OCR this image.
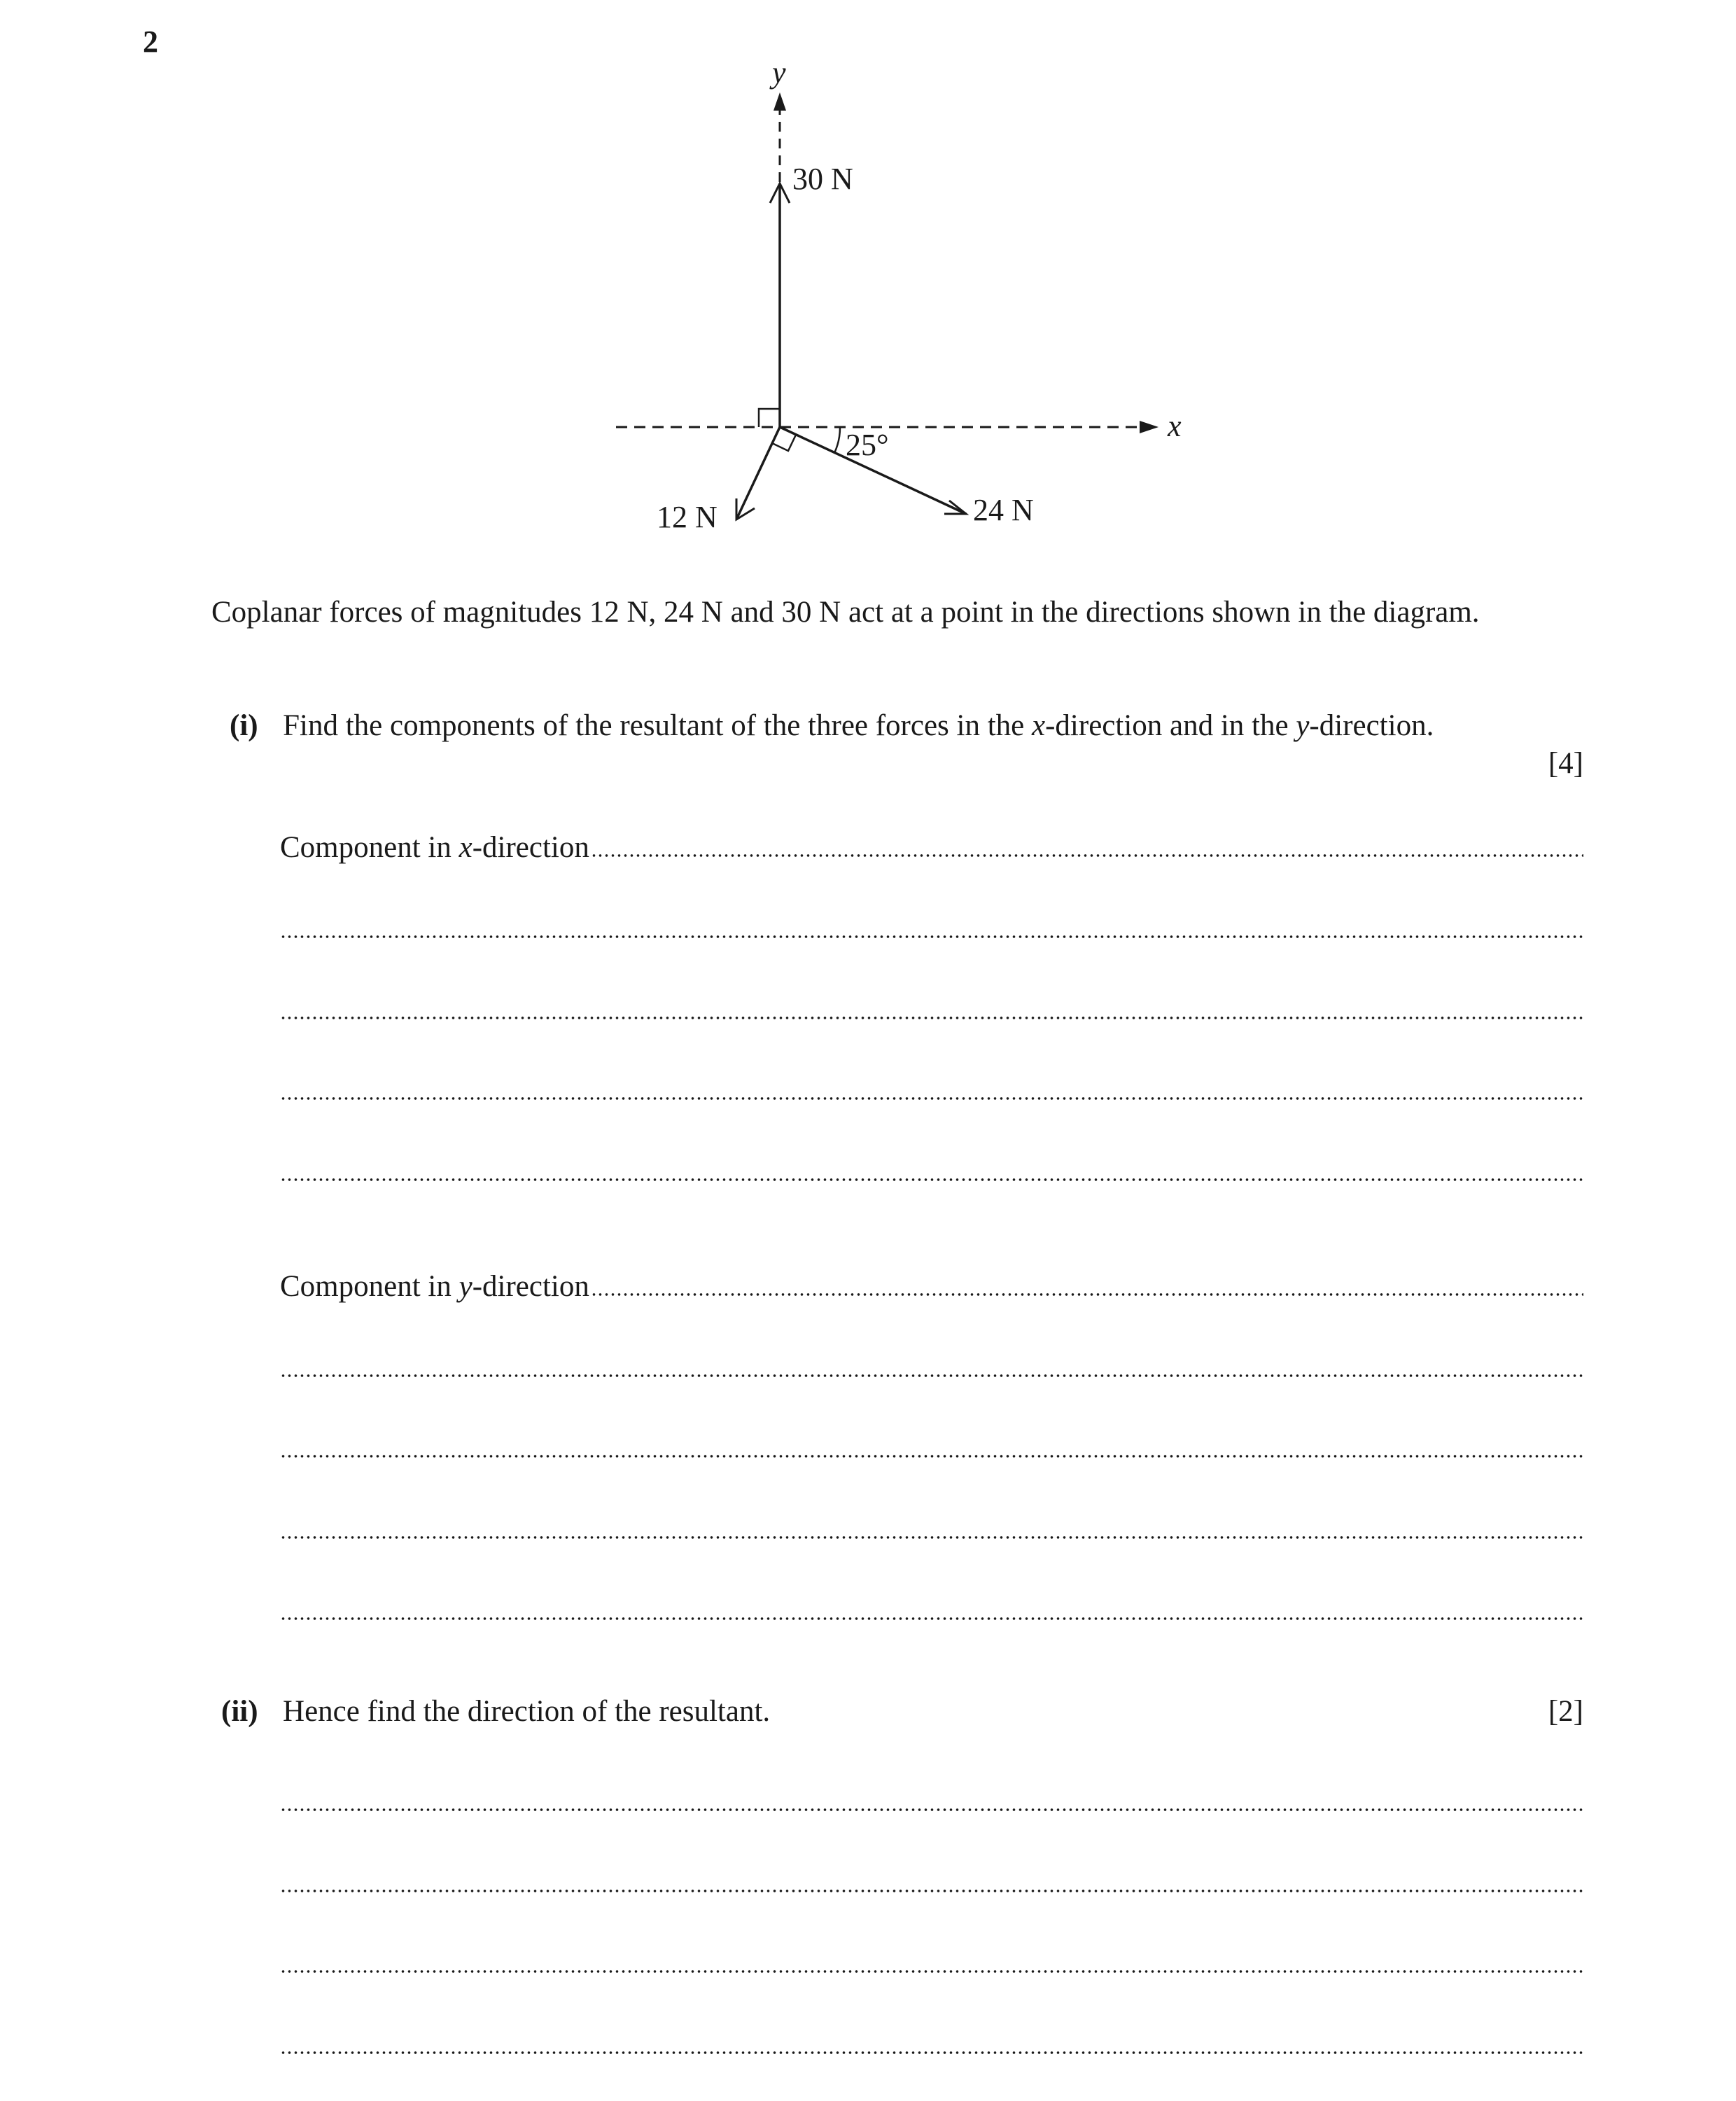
2
x
y
30 N
24 N
25°
12 N
Coplanar forces of magnitudes 12 N, 24 N and 30 N act at a point in the directions shown in the diagram.
(i) Find the components of the resultant of the three forces in the x-direction and in the y-direction.
[4]
Component in x-direction
Component in y-direction
(ii) Hence find the direction of the resultant.	[2]
